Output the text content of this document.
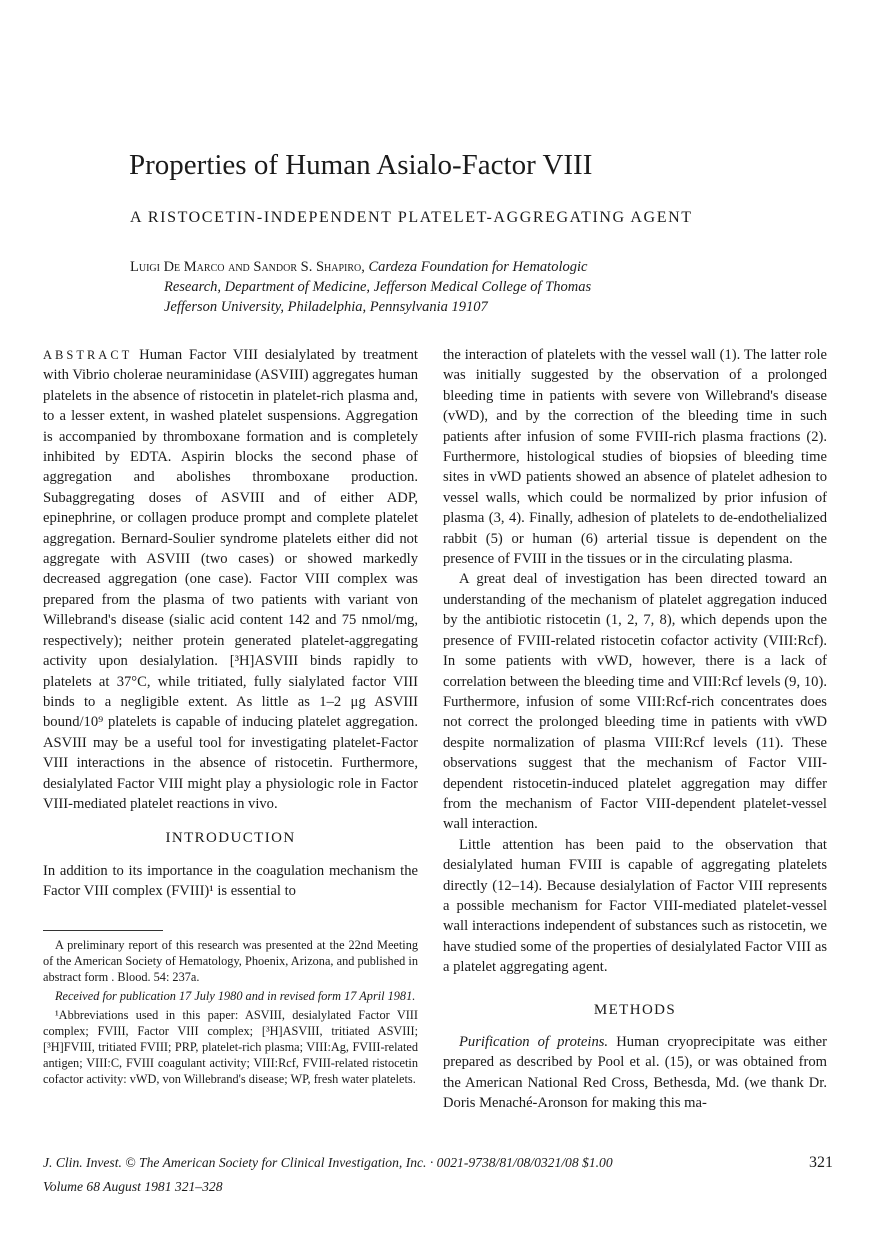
Properties of Human Asialo-Factor VIII
A RISTOCETIN-INDEPENDENT PLATELET-AGGREGATING AGENT
Luigi De Marco and Sandor S. Shapiro, Cardeza Foundation for Hematologic
Research, Department of Medicine, Jefferson Medical College of Thomas
Jefferson University, Philadelphia, Pennsylvania 19107

ABSTRACT Human Factor VIII desialylated by treatment with Vibrio cholerae neuraminidase (ASVIII) aggregates human platelets in the absence of ristocetin in platelet-rich plasma and, to a lesser extent, in washed platelet suspensions. Aggregation is accompanied by thromboxane formation and is completely inhibited by EDTA. Aspirin blocks the second phase of aggregation and abolishes thromboxane production. Subaggregating doses of ASVIII and of either ADP, epinephrine, or collagen produce prompt and complete platelet aggregation. Bernard-Soulier syndrome platelets either did not aggregate with ASVIII (two cases) or showed markedly decreased aggregation (one case). Factor VIII complex was prepared from the plasma of two patients with variant von Willebrand's disease (sialic acid content 142 and 75 nmol/mg, respectively); neither protein generated platelet-aggregating activity upon desialylation. [³H]ASVIII binds rapidly to platelets at 37°C, while tritiated, fully sialylated factor VIII binds to a negligible extent. As little as 1–2 μg ASVIII bound/10⁹ platelets is capable of inducing platelet aggregation. ASVIII may be a useful tool for investigating platelet-Factor VIII interactions in the absence of ristocetin. Furthermore, desialylated Factor VIII might play a physiologic role in Factor VIII-mediated platelet reactions in vivo.

INTRODUCTION

In addition to its importance in the coagulation mechanism the Factor VIII complex (FVIII)¹ is essential to

A preliminary report of this research was presented at the 22nd Meeting of the American Society of Hematology, Phoenix, Arizona, and published in abstract form . Blood. 54: 237a.

Received for publication 17 July 1980 and in revised form 17 April 1981.

¹Abbreviations used in this paper: ASVIII, desialylated Factor VIII complex; FVIII, Factor VIII complex; [³H]ASVIII, tritiated ASVIII; [³H]FVIII, tritiated FVIII; PRP, platelet-rich plasma; VIII:Ag, FVIII-related antigen; VIII:C, FVIII coagulant activity; VIII:Rcf, FVIII-related ristocetin cofactor activity: vWD, von Willebrand's disease; WP, fresh water platelets.

the interaction of platelets with the vessel wall (1). The latter role was initially suggested by the observation of a prolonged bleeding time in patients with severe von Willebrand's disease (vWD), and by the correction of the bleeding time in such patients after infusion of some FVIII-rich plasma fractions (2). Furthermore, histological studies of biopsies of bleeding time sites in vWD patients showed an absence of platelet adhesion to vessel walls, which could be normalized by prior infusion of plasma (3, 4). Finally, adhesion of platelets to de-endothelialized rabbit (5) or human (6) arterial tissue is dependent on the presence of FVIII in the tissues or in the circulating plasma.

A great deal of investigation has been directed toward an understanding of the mechanism of platelet aggregation induced by the antibiotic ristocetin (1, 2, 7, 8), which depends upon the presence of FVIII-related ristocetin cofactor activity (VIII:Rcf). In some patients with vWD, however, there is a lack of correlation between the bleeding time and VIII:Rcf levels (9, 10). Furthermore, infusion of some VIII:Rcf-rich concentrates does not correct the prolonged bleeding time in patients with vWD despite normalization of plasma VIII:Rcf levels (11). These observations suggest that the mechanism of Factor VIII-dependent ristocetin-induced platelet aggregation may differ from the mechanism of Factor VIII-dependent platelet-vessel wall interaction.

Little attention has been paid to the observation that desialylated human FVIII is capable of aggregating platelets directly (12–14). Because desialylation of Factor VIII represents a possible mechanism for Factor VIII-mediated platelet-vessel wall interactions independent of substances such as ristocetin, we have studied some of the properties of desialylated Factor VIII as a platelet aggregating agent.

METHODS

Purification of proteins. Human cryoprecipitate was either prepared as described by Pool et al. (15), or was obtained from the American National Red Cross, Bethesda, Md. (we thank Dr. Doris Menaché-Aronson for making this ma-

J. Clin. Invest. © The American Society for Clinical Investigation, Inc. · 0021-9738/81/08/0321/08 $1.00
Volume 68 August 1981 321–328
321
